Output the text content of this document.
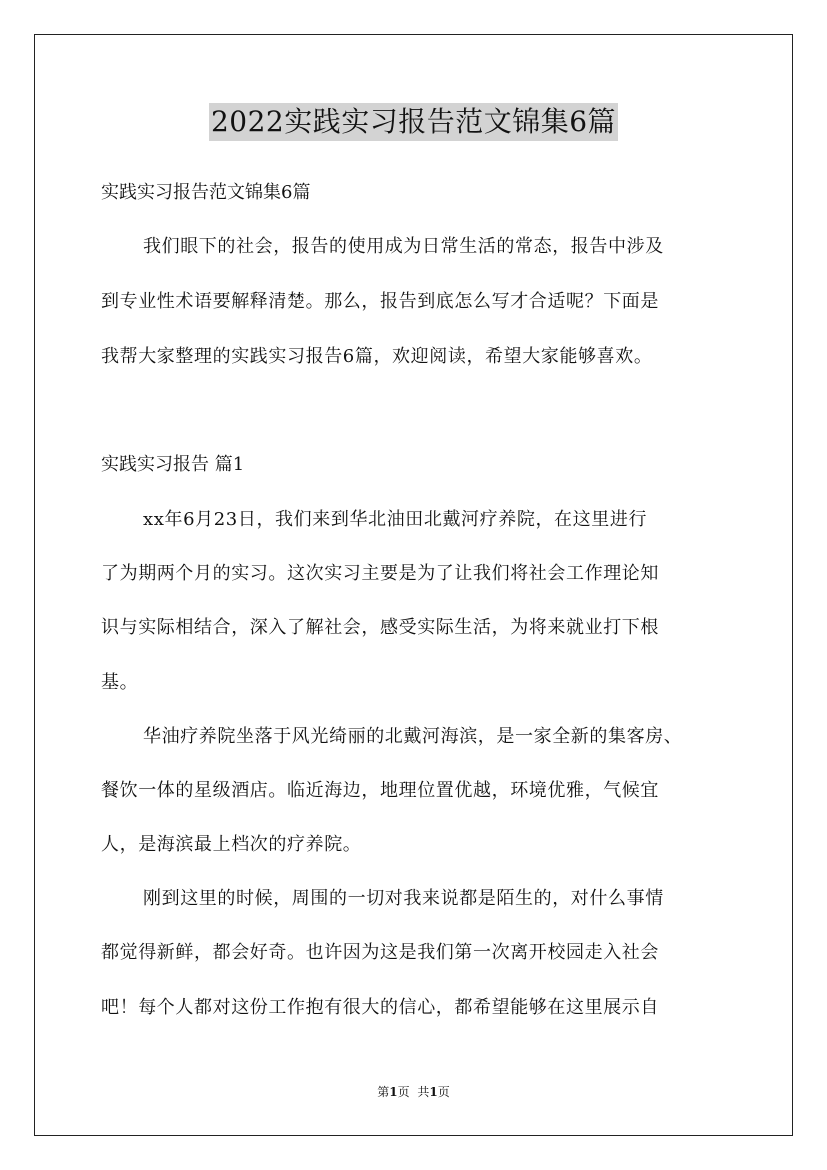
2022实践实习报告范文锦集6篇
实践实习报告范文锦集6篇
我们眼下的社会，报告的使用成为日常生活的常态，报告中涉及
到专业性术语要解释清楚。那么，报告到底怎么写才合适呢？下面是
我帮大家整理的实践实习报告6篇，欢迎阅读，希望大家能够喜欢。
实践实习报告 篇1
xx年6月23日，我们来到华北油田北戴河疗养院，在这里进行
了为期两个月的实习。这次实习主要是为了让我们将社会工作理论知
识与实际相结合，深入了解社会，感受实际生活，为将来就业打下根
基。
华油疗养院坐落于风光绮丽的北戴河海滨，是一家全新的集客房、
餐饮一体的星级酒店。临近海边，地理位置优越，环境优雅，气候宜
人，是海滨最上档次的疗养院。
刚到这里的时候，周围的一切对我来说都是陌生的，对什么事情
都觉得新鲜，都会好奇。也许因为这是我们第一次离开校园走入社会
吧！每个人都对这份工作抱有很大的信心，都希望能够在这里展示自
第1页 共1页
